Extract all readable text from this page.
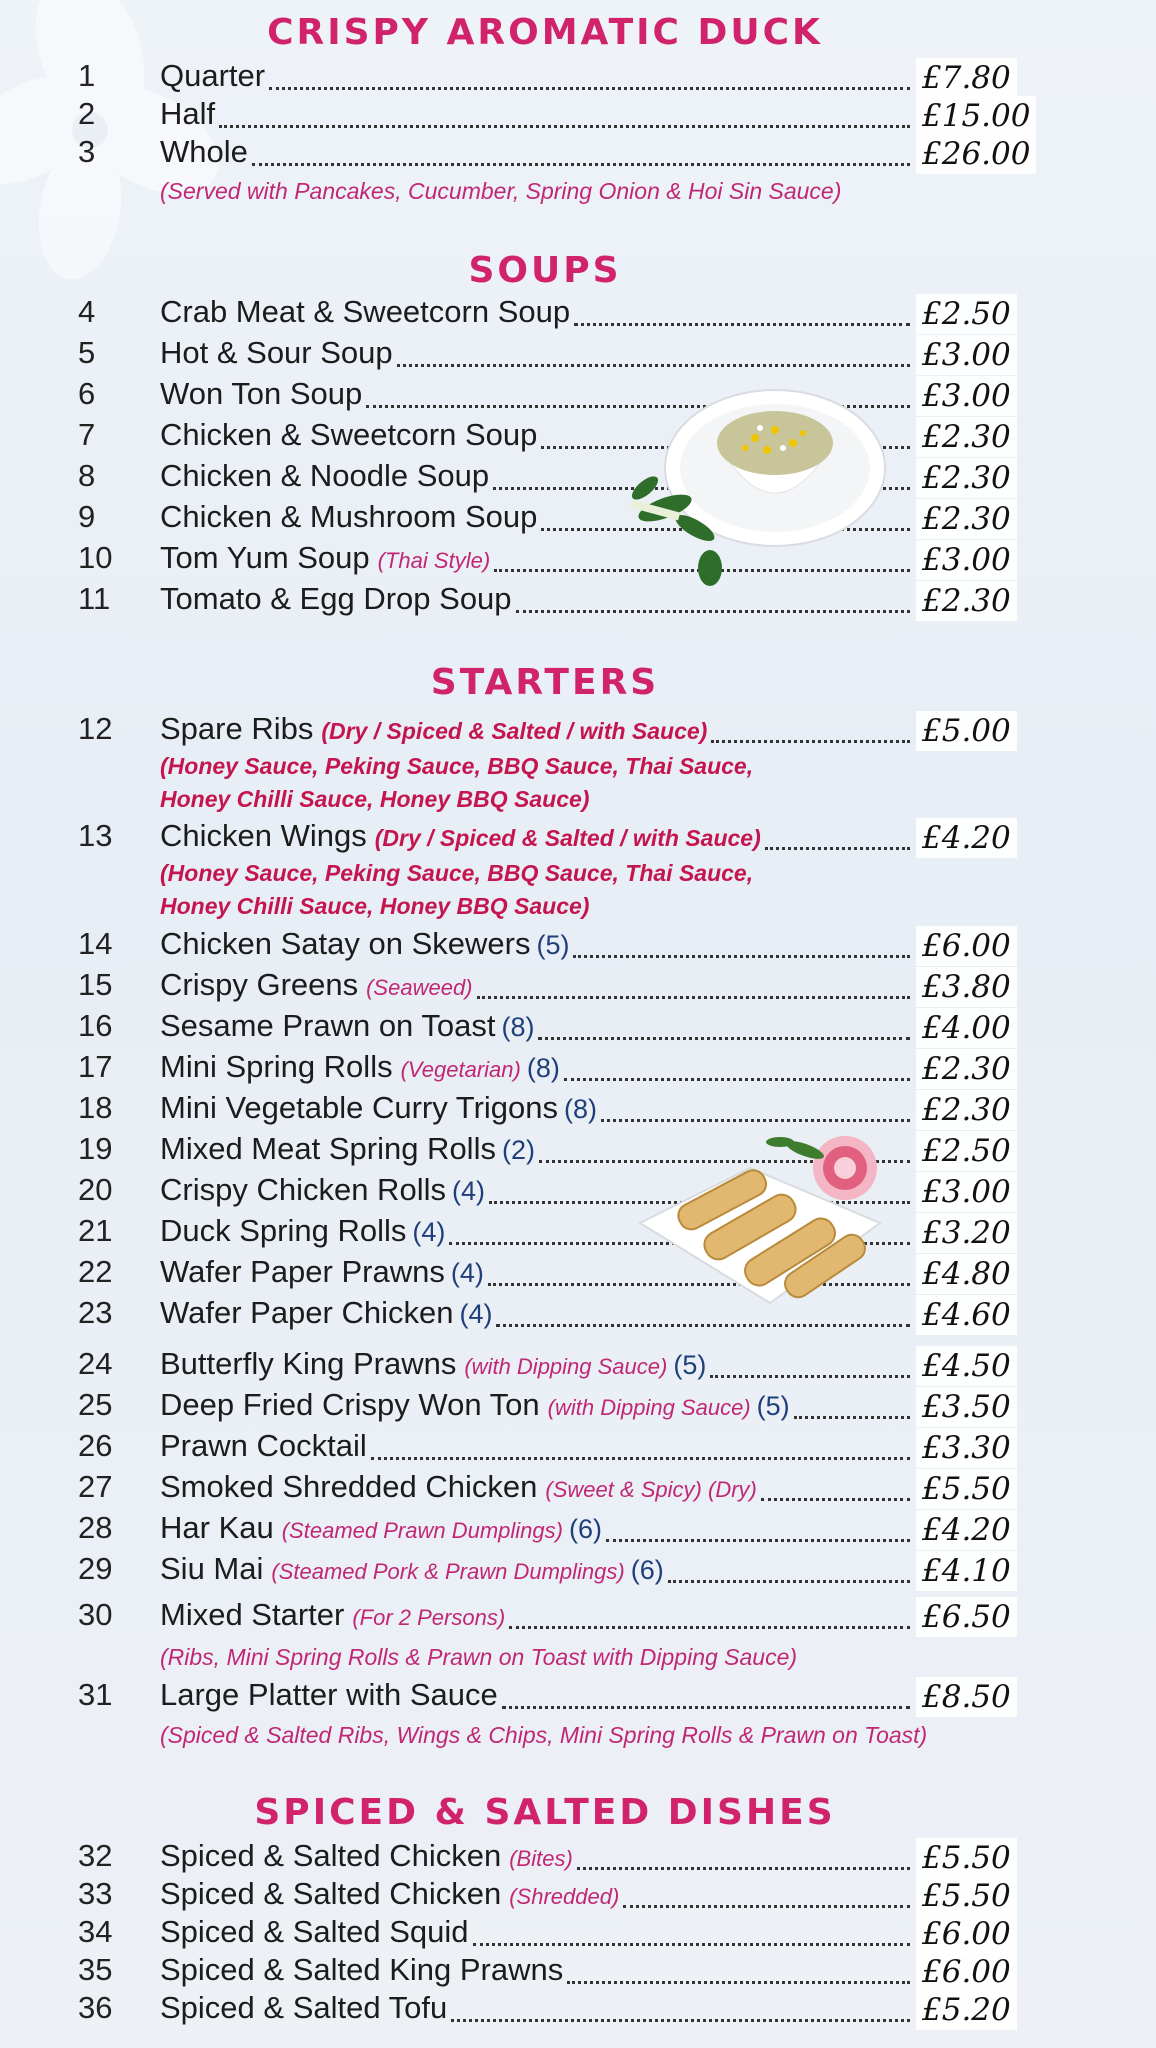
CRISPY AROMATIC DUCK
1 Quarter	£7.80
2 Half	£15.00
3 Whole	£26.00
(Served with Pancakes, Cucumber, Spring Onion & Hoi Sin Sauce)
SOUPS
4 Crab Meat & Sweetcorn Soup	£2.50
5 Hot & Sour Soup	£3.00
6 Won Ton Soup	£3.00
7 Chicken & Sweetcorn Soup	£2.30
8 Chicken & Noodle Soup	£2.30
9 Chicken & Mushroom Soup	£2.30
10 Tom Yum Soup (Thai Style)	£3.00
11 Tomato & Egg Drop Soup	£2.30
STARTERS
12 Spare Ribs (Dry / Spiced & Salted / with Sauce)	£5.00
(Honey Sauce, Peking Sauce, BBQ Sauce, Thai Sauce,
Honey Chilli Sauce, Honey BBQ Sauce)
13 Chicken Wings (Dry / Spiced & Salted / with Sauce)	£4.20
(Honey Sauce, Peking Sauce, BBQ Sauce, Thai Sauce,
Honey Chilli Sauce, Honey BBQ Sauce)
14 Chicken Satay on Skewers (5)	£6.00
15 Crispy Greens (Seaweed)	£3.80
16 Sesame Prawn on Toast (8)	£4.00
17 Mini Spring Rolls (Vegetarian) (8)	£2.30
18 Mini Vegetable Curry Trigons (8)	£2.30
19 Mixed Meat Spring Rolls (2)	£2.50
20 Crispy Chicken Rolls (4)	£3.00
21 Duck Spring Rolls (4)	£3.20
22 Wafer Paper Prawns (4)	£4.80
23 Wafer Paper Chicken (4)	£4.60
24 Butterfly King Prawns (with Dipping Sauce) (5)	£4.50
25 Deep Fried Crispy Won Ton (with Dipping Sauce) (5)	£3.50
26 Prawn Cocktail	£3.30
27 Smoked Shredded Chicken (Sweet & Spicy) (Dry)	£5.50
28 Har Kau (Steamed Prawn Dumplings) (6)	£4.20
29 Siu Mai (Steamed Pork & Prawn Dumplings) (6)	£4.10
30 Mixed Starter (For 2 Persons)	£6.50
(Ribs, Mini Spring Rolls & Prawn on Toast with Dipping Sauce)
31 Large Platter with Sauce	£8.50
(Spiced & Salted Ribs, Wings & Chips, Mini Spring Rolls & Prawn on Toast)
SPICED & SALTED DISHES
32 Spiced & Salted Chicken (Bites)	£5.50
33 Spiced & Salted Chicken (Shredded)	£5.50
34 Spiced & Salted Squid	£6.00
35 Spiced & Salted King Prawns	£6.00
36 Spiced & Salted Tofu	£5.20
